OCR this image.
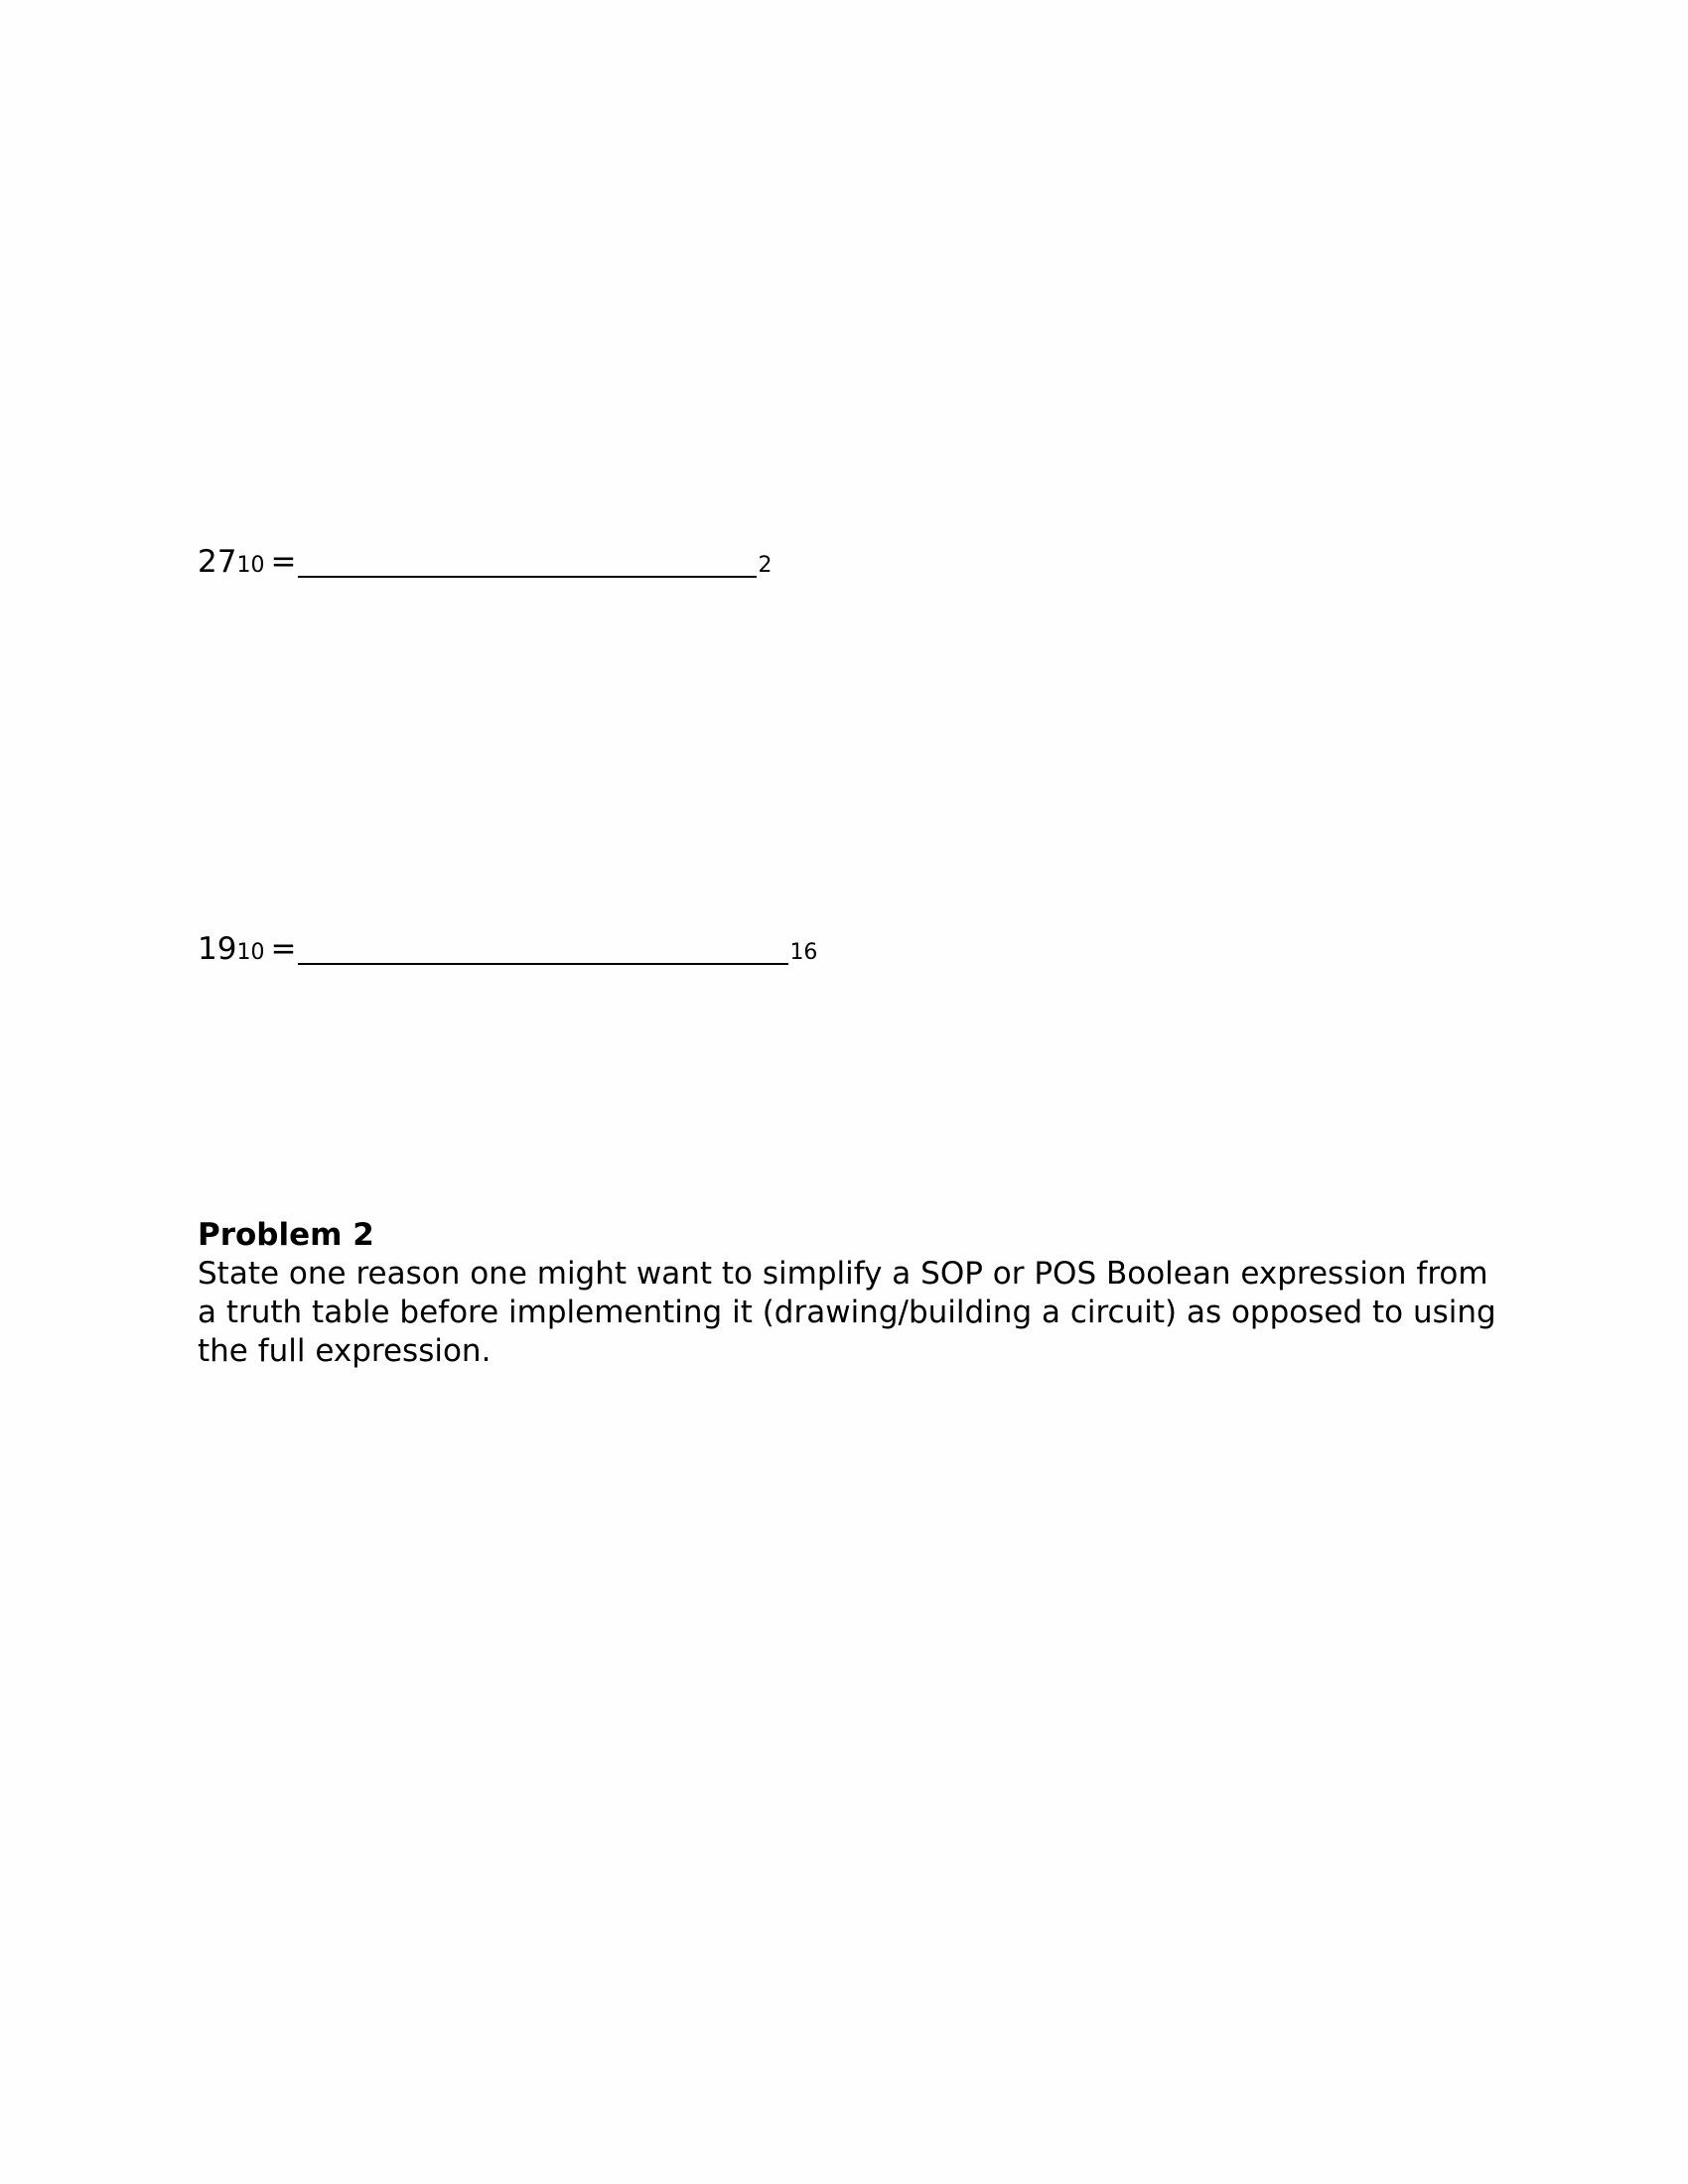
27 10 =	2
19 10 =	16

Problem 2

State one reason one might want to simplify a SOP or POS Boolean expression from a truth table before implementing it (drawing/building a circuit) as opposed to using the full expression.
